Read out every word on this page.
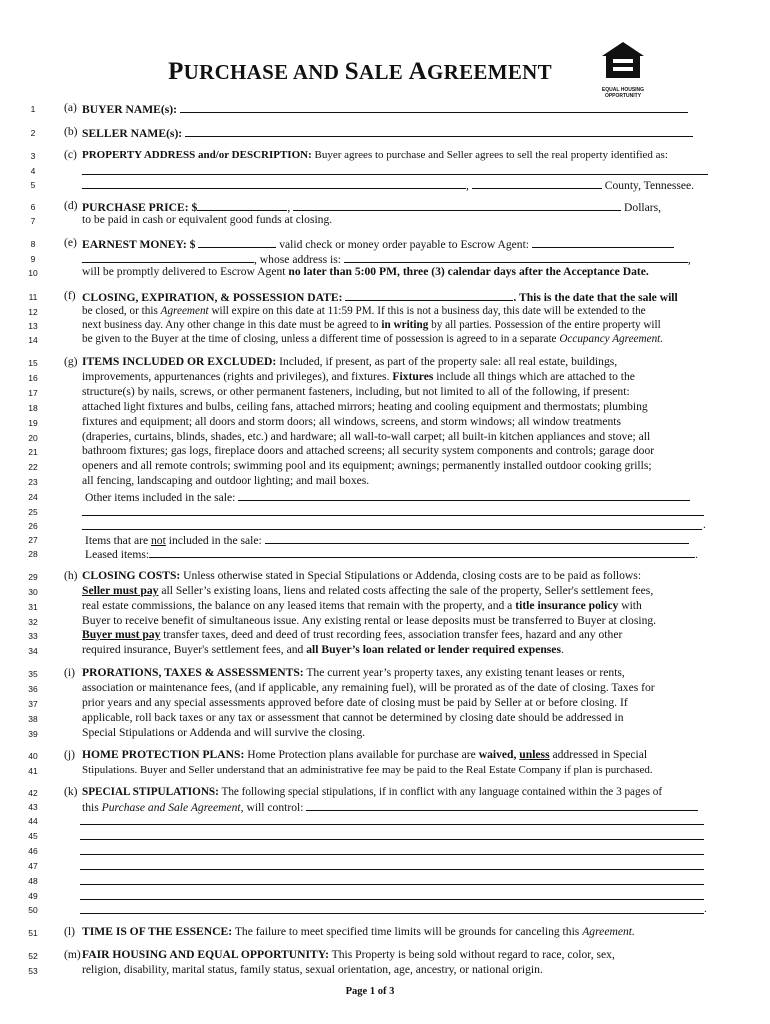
PURCHASE AND SALE AGREEMENT
EQUAL HOUSING
OPPORTUNITY
1	(a) BUYER NAME(s):
2	(b) SELLER NAME(s):
3	(c) PROPERTY ADDRESS and/or DESCRIPTION: Buyer agrees to purchase and Seller agrees to sell the real property identified as:
4
5	,	County, Tennessee.
6	(d) PURCHASE PRICE: $	,	Dollars,
7	to be paid in cash or equivalent good funds at closing.
8	(e) EARNEST MONEY: $	valid check or money order payable to Escrow Agent:
9	, whose address is:	,
10	will be promptly delivered to Escrow Agent no later than 5:00 PM, three (3) calendar days after the Acceptance Date.
11	(f) CLOSING, EXPIRATION, & POSSESSION DATE:	. This is the date that the sale will
12	be closed, or this Agreement will expire on this date at 11:59 PM. If this is not a business day, this date will be extended to the
13	next business day. Any other change in this date must be agreed to in writing by all parties. Possession of the entire property will
14	be given to the Buyer at the time of closing, unless a different time of possession is agreed to in a separate Occupancy Agreement.
15	(g) ITEMS INCLUDED OR EXCLUDED: Included, if present, as part of the property sale: all real estate, buildings,
16	improvements, appurtenances (rights and privileges), and fixtures. Fixtures include all things which are attached to the
17	structure(s) by nails, screws, or other permanent fasteners, including, but not limited to all of the following, if present:
18	attached light fixtures and bulbs, ceiling fans, attached mirrors; heating and cooling equipment and thermostats; plumbing
19	fixtures and equipment; all doors and storm doors; all windows, screens, and storm windows; all window treatments
20	(draperies, curtains, blinds, shades, etc.) and hardware; all wall-to-wall carpet; all built-in kitchen appliances and stove; all
21	bathroom fixtures; gas logs, fireplace doors and attached screens; all security system components and controls; garage door
22	openers and all remote controls; swimming pool and its equipment; awnings; permanently installed outdoor cooking grills;
23	all fencing, landscaping and outdoor lighting; and mail boxes.
24	Other items included in the sale:
25
26	.
27	Items that are not included in the sale:
28	Leased items:	.
29	(h) CLOSING COSTS: Unless otherwise stated in Special Stipulations or Addenda, closing costs are to be paid as follows:
30	Seller must pay all Seller’s existing loans, liens and related costs affecting the sale of the property, Seller's settlement fees,
31	real estate commissions, the balance on any leased items that remain with the property, and a title insurance policy with
32	Buyer to receive benefit of simultaneous issue. Any existing rental or lease deposits must be transferred to Buyer at closing.
33	Buyer must pay transfer taxes, deed and deed of trust recording fees, association transfer fees, hazard and any other
34	required insurance, Buyer's settlement fees, and all Buyer’s loan related or lender required expenses.
35	(i) PRORATIONS, TAXES & ASSESSMENTS: The current year’s property taxes, any existing tenant leases or rents,
36	association or maintenance fees, (and if applicable, any remaining fuel), will be prorated as of the date of closing. Taxes for
37	prior years and any special assessments approved before date of closing must be paid by Seller at or before closing. If
38	applicable, roll back taxes or any tax or assessment that cannot be determined by closing date should be addressed in
39	Special Stipulations or Addenda and will survive the closing.
40	(j) HOME PROTECTION PLANS: Home Protection plans available for purchase are waived, unless addressed in Special
41	Stipulations. Buyer and Seller understand that an administrative fee may be paid to the Real Estate Company if plan is purchased.
42	(k) SPECIAL STIPULATIONS: The following special stipulations, if in conflict with any language contained within the 3 pages of
43	this Purchase and Sale Agreement, will control:
44
45
46
47
48
49
50	.
51	(l) TIME IS OF THE ESSENCE: The failure to meet specified time limits will be grounds for canceling this Agreement.
52	(m) FAIR HOUSING AND EQUAL OPPORTUNITY: This Property is being sold without regard to race, color, sex,
53	religion, disability, marital status, family status, sexual orientation, age, ancestry, or national origin.
Page 1 of 3
